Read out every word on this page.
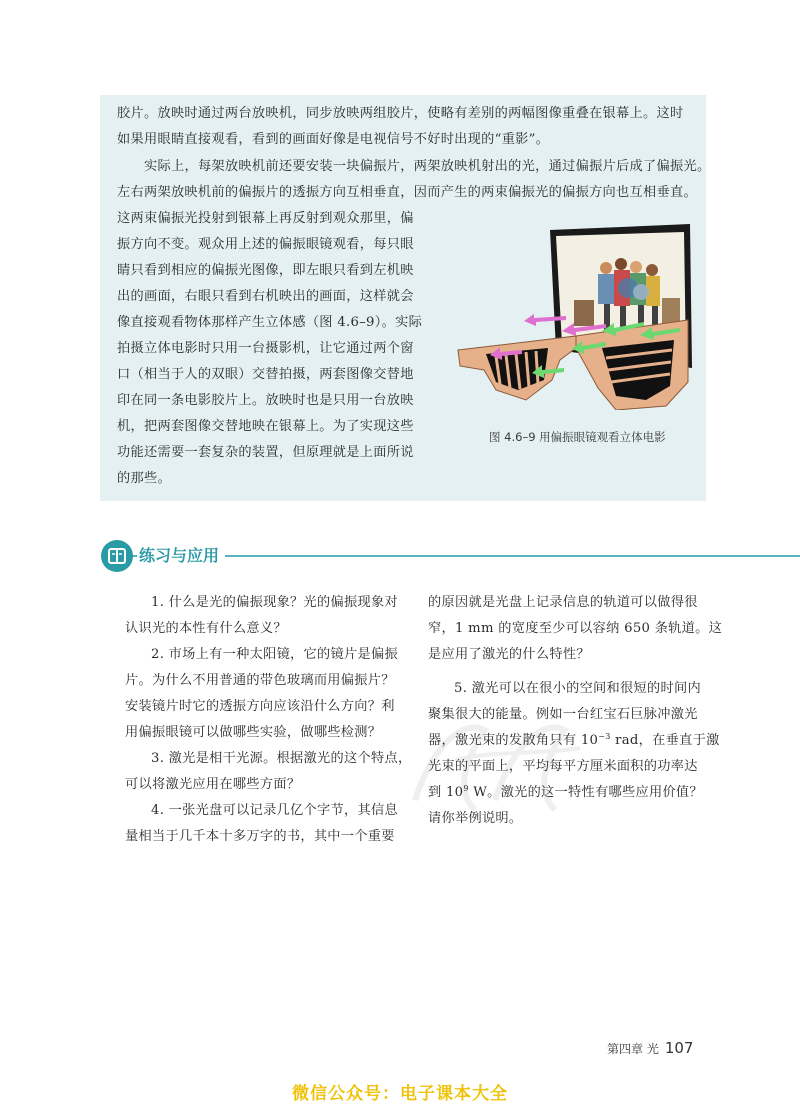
胶片。放映时通过两台放映机，同步放映两组胶片，使略有差别的两幅图像重叠在银幕上。这时
如果用眼睛直接观看，看到的画面好像是电视信号不好时出现的“重影”。
实际上，每架放映机前还要安装一块偏振片，两架放映机射出的光，通过偏振片后成了偏振光。
左右两架放映机前的偏振片的透振方向互相垂直，因而产生的两束偏振光的偏振方向也互相垂直。
这两束偏振光投射到银幕上再反射到观众那里，偏
振方向不变。观众用上述的偏振眼镜观看，每只眼
睛只看到相应的偏振光图像，即左眼只看到左机映
出的画面，右眼只看到右机映出的画面，这样就会
像直接观看物体那样产生立体感（图 4.6–9）。实际
拍摄立体电影时只用一台摄影机，让它通过两个窗
口（相当于人的双眼）交替拍摄，两套图像交替地
印在同一条电影胶片上。放映时也是只用一台放映
机，把两套图像交替地映在银幕上。为了实现这些
功能还需要一套复杂的装置，但原理就是上面所说
的那些。
图 4.6–9 用偏振眼镜观看立体电影
练习与应用
1. 什么是光的偏振现象？光的偏振现象对
认识光的本性有什么意义？
2. 市场上有一种太阳镜，它的镜片是偏振
片。为什么不用普通的带色玻璃而用偏振片？
安装镜片时它的透振方向应该沿什么方向？利
用偏振眼镜可以做哪些实验，做哪些检测？
3. 激光是相干光源。根据激光的这个特点，
可以将激光应用在哪些方面？
4. 一张光盘可以记录几亿个字节，其信息
量相当于几千本十多万字的书，其中一个重要
的原因就是光盘上记录信息的轨道可以做得很
窄，1 mm 的宽度至少可以容纳 650 条轨道。这
是应用了激光的什么特性？
5. 激光可以在很小的空间和很短的时间内
聚集很大的能量。例如一台红宝石巨脉冲激光
器，激光束的发散角只有 $10^{-3}$ rad，在垂直于激
光束的平面上，平均每平方厘米面积的功率达
到 $10^9$ W。激光的这一特性有哪些应用价值？
请你举例说明。
第四章 光 107
微信公众号：电子课本大全
